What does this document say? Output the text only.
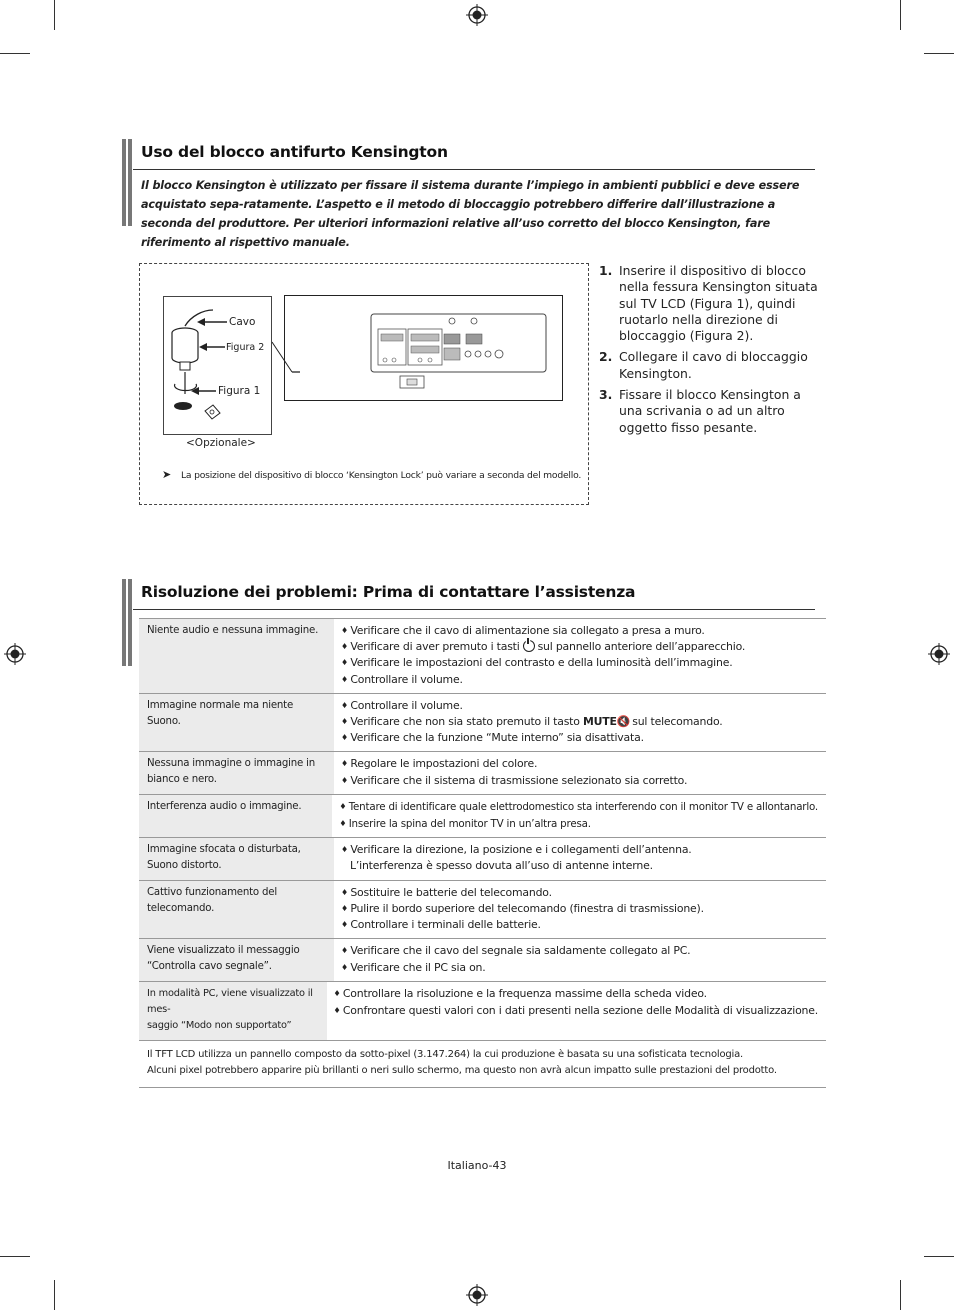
Uso del blocco antifurto Kensington
Il blocco Kensington è utilizzato per fissare il sistema durante l’impiego in ambienti pubblici e deve essere acquistato sepa-ratamente. L’aspetto e il metodo di bloccaggio potrebbero differire dall’illustrazione a seconda del produttore. Per ulteriori informazioni relative all’uso corretto del blocco Kensington, fare riferimento al rispettivo manuale.
Cavo
Figura 2
Figura 1
<Opzionale>
➤ La posizione del dispositivo di blocco ‘Kensington Lock’ può variare a seconda del modello.
1. Inserire il dispositivo di blocco nella fessura Kensington situata sul TV LCD (Figura 1), quindi ruotarlo nella direzione di bloccaggio (Figura 2).
2. Collegare il cavo di bloccaggio Kensington.
3. Fissare il blocco Kensington a una scrivania o ad un altro oggetto fisso pesante.
Risoluzione dei problemi: Prima di contattare l’assistenza
Niente audio e nessuna immagine.	♦ Verificare che il cavo di alimentazione sia collegato a presa a muro.
♦ Verificare di aver premuto i tasti sul pannello anteriore dell’apparecchio.
♦ Verificare le impostazioni del contrasto e della luminosità dell’immagine.
♦ Controllare il volume.
Immagine normale ma niente Suono.
♦ Controllare il volume.
♦ Verificare che non sia stato premuto il tasto MUTE🔇 sul telecomando.
♦ Verificare che la funzione “Mute interno” sia disattivata.
Nessuna immagine o immagine in
bianco e nero.
♦ Regolare le impostazioni del colore.
♦ Verificare che il sistema di trasmissione selezionato sia corretto.
Interferenza audio o immagine.	♦ Tentare di identificare quale elettrodomestico sta interferendo con il monitor TV e allontanarlo.
♦ Inserire la spina del monitor TV in un’altra presa.
Immagine sfocata o disturbata,
Suono distorto.
♦ Verificare la direzione, la posizione e i collegamenti dell’antenna.
L’interferenza è spesso dovuta all’uso di antenne interne.
Cattivo funzionamento del
telecomando.
♦ Sostituire le batterie del telecomando.
♦ Pulire il bordo superiore del telecomando (finestra di trasmissione).
♦ Controllare i terminali delle batterie.
Viene visualizzato il messaggio
“Controlla cavo segnale”.
♦ Verificare che il cavo del segnale sia saldamente collegato al PC.
♦ Verificare che il PC sia on.
In modalità PC, viene visualizzato il mes-
saggio “Modo non supportato”
♦ Controllare la risoluzione e la frequenza massime della scheda video.
♦ Confrontare questi valori con i dati presenti nella sezione delle Modalità di visualizzazione.
Il TFT LCD utilizza un pannello composto da sotto-pixel (3.147.264) la cui produzione è basata su una sofisticata tecnologia.
Alcuni pixel potrebbero apparire più brillanti o neri sullo schermo, ma questo non avrà alcun impatto sulle prestazioni del prodotto.
Italiano-43
